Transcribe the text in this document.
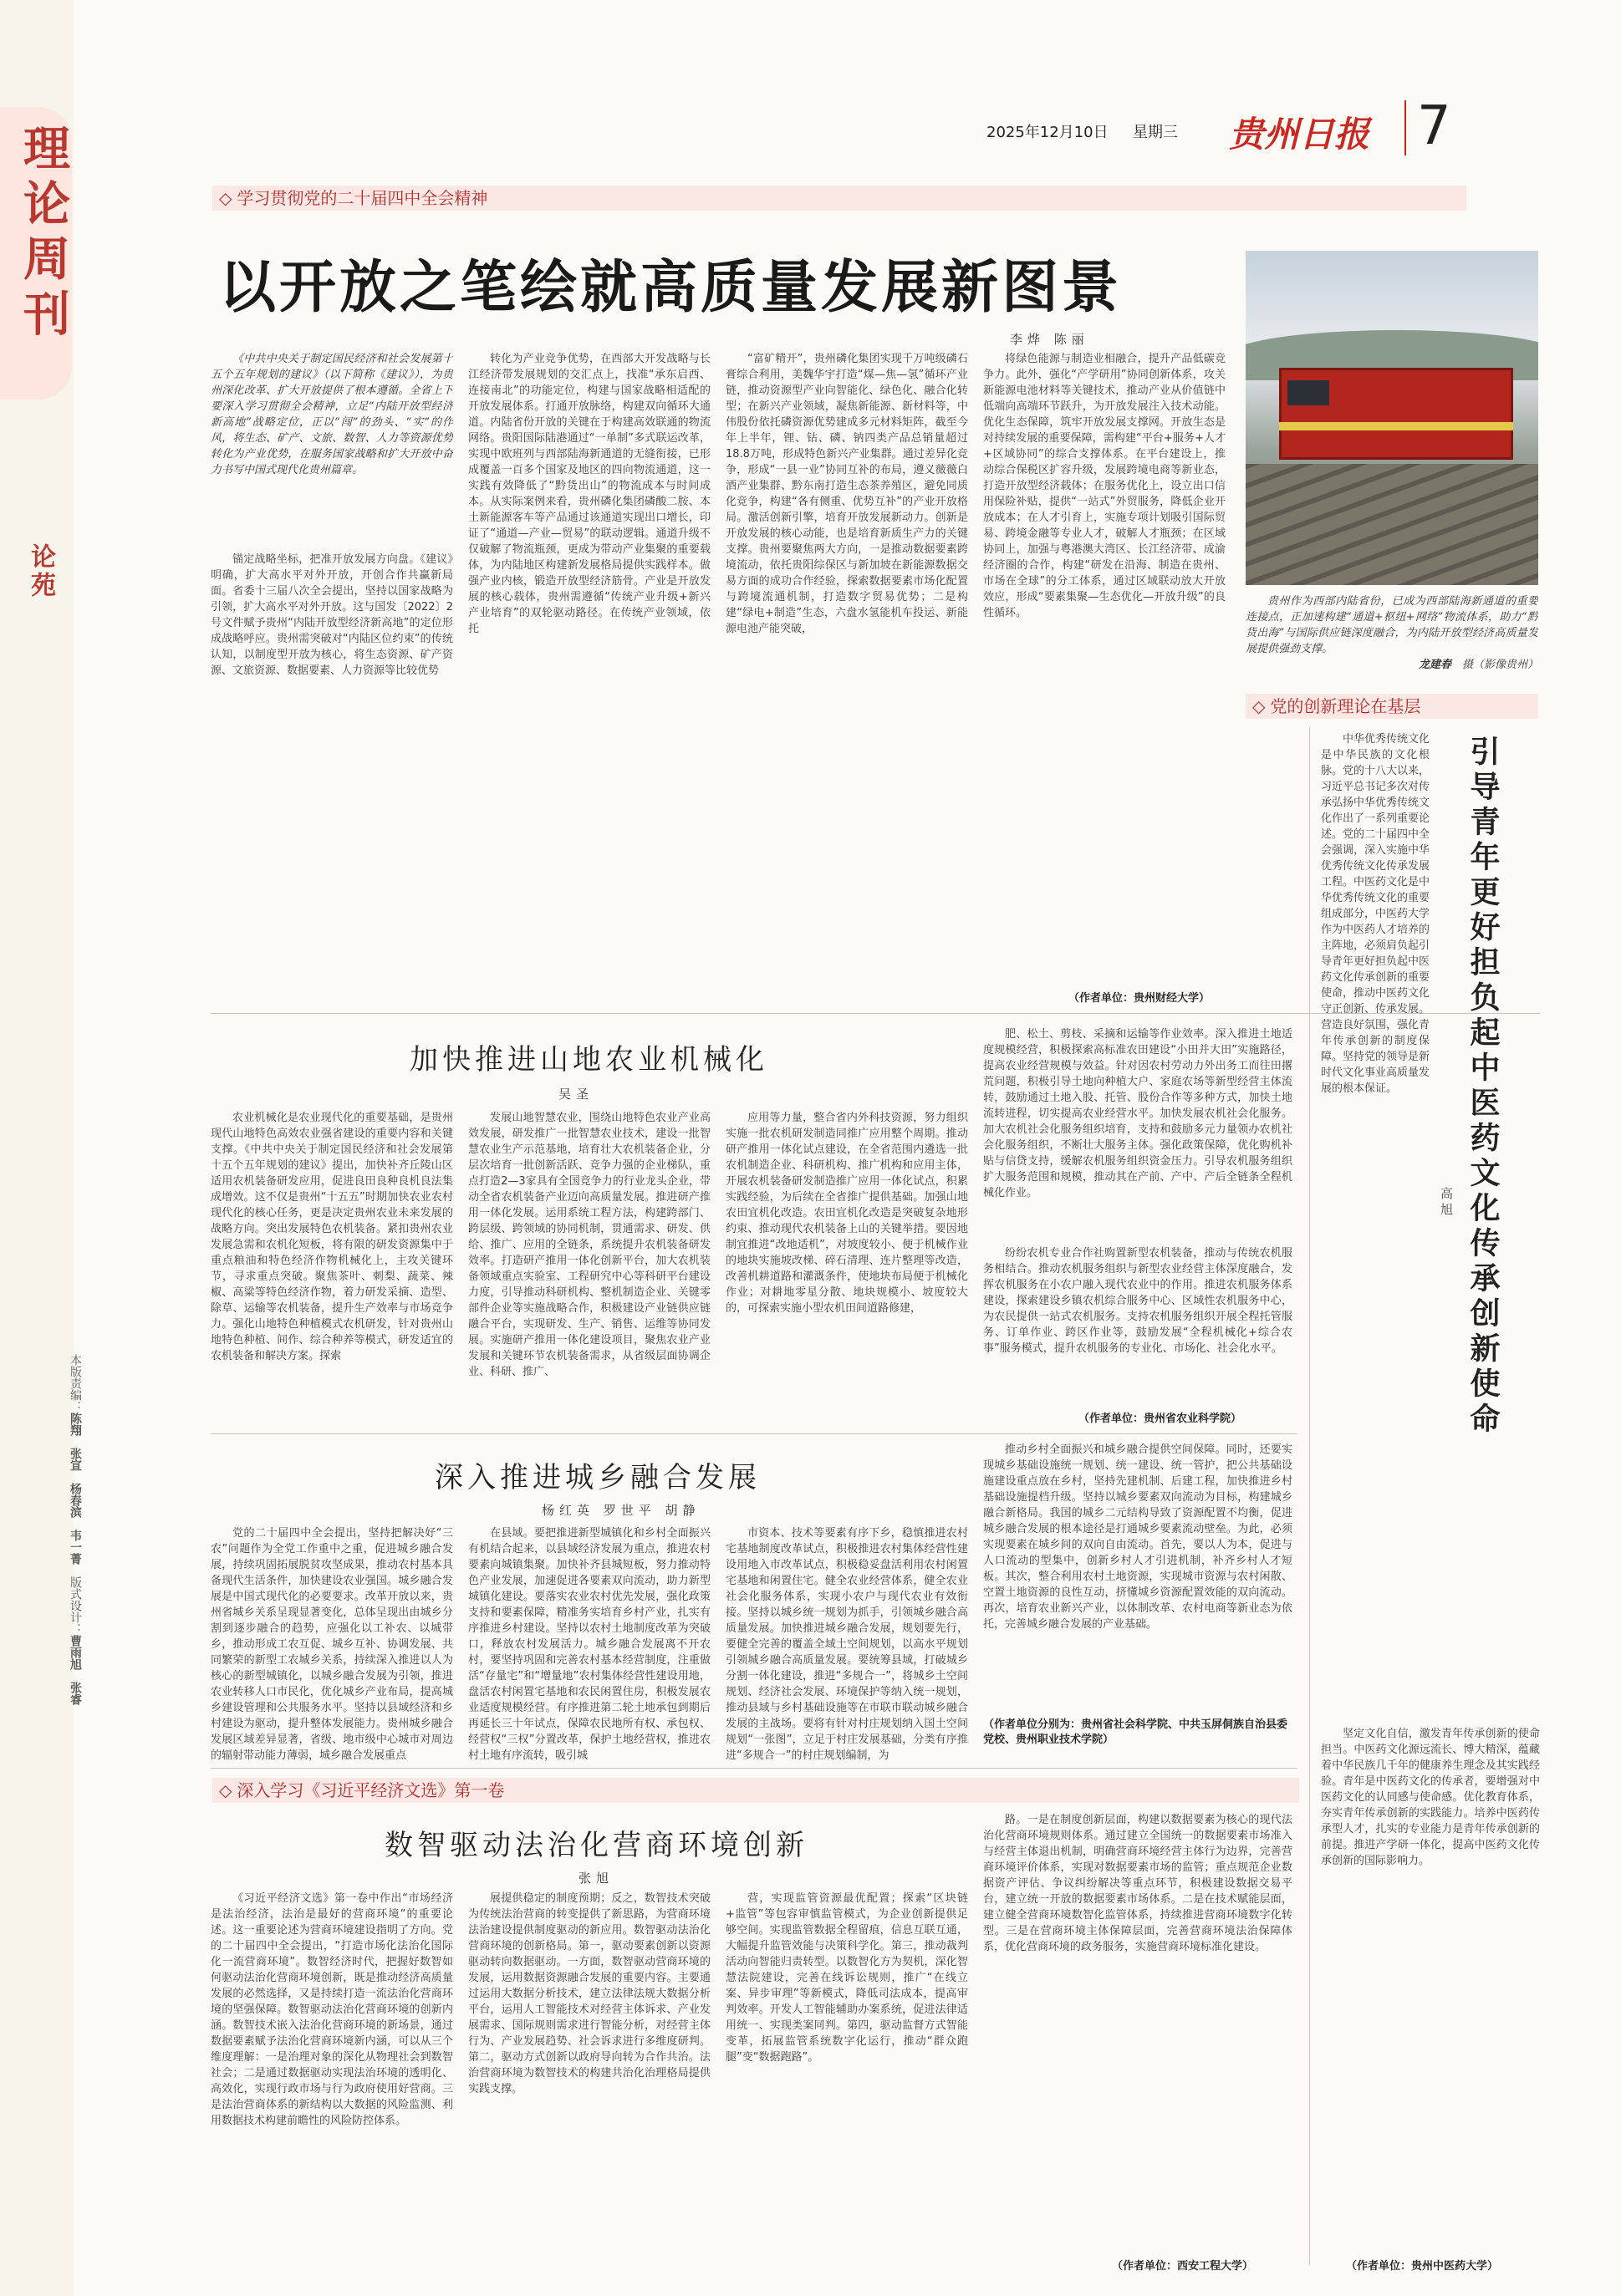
理论周刊
论苑
本版责编：陈翔　张宣　杨春滨　韦一菁　版式设计：曹雨旭　张睿
2025年12月10日 星期三 贵州日报 7
◇ 学习贯彻党的二十届四中全会精神
以开放之笔绘就高质量发展新图景
李烨 陈丽

《中共中央关于制定国民经济和社会发展第十五个五年规划的建议》（以下简称《建议》），为贵州深化改革、扩大开放提供了根本遵循。全省上下要深入学习贯彻全会精神，立足“内陆开放型经济新高地”战略定位，正以“闯”的劲头、“实”的作风，将生态、矿产、文旅、数智、人力等资源优势转化为产业优势，在服务国家战略和扩大开放中奋力书写中国式现代化贵州篇章。

锚定战略坐标，把准开放发展方向盘。《建议》明确，扩大高水平对外开放，开创合作共赢新局面。省委十三届八次全会提出，坚持以国家战略为引领，扩大高水平对外开放。这与国发〔2022〕2号文件赋予贵州“内陆开放型经济新高地”的定位形成战略呼应。贵州需突破对“内陆区位约束”的传统认知，以制度型开放为核心，将生态资源、矿产资源、文旅资源、数据要素、人力资源等比较优势

转化为产业竞争优势，在西部大开发战略与长江经济带发展规划的交汇点上，找准“承东启西、连接南北”的功能定位，构建与国家战略相适配的开放发展体系。打通开放脉络，构建双向循环大通道。内陆省份开放的关键在于构建高效联通的物流网络。贵阳国际陆港通过“一单制”多式联运改革，实现中欧班列与西部陆海新通道的无缝衔接，已形成覆盖一百多个国家及地区的四向物流通道，这一实践有效降低了“黔货出山”的物流成本与时间成本。从实际案例来看，贵州磷化集团磷酸二胺、本土新能源客车等产品通过该通道实现出口增长，印证了“通道—产业—贸易”的联动逻辑。通道升级不仅破解了物流瓶颈，更成为带动产业集聚的重要载体，为内陆地区构建新发展格局提供实践样本。做强产业内核，锻造开放型经济筋骨。产业是开放发展的核心载体，贵州需遵循“传统产业升级+新兴产业培育”的双轮驱动路径。在传统产业领域，依托

“富矿精开”，贵州磷化集团实现千万吨级磷石膏综合利用，美魏华宇打造“煤—焦—氢”循环产业链，推动资源型产业向智能化、绿色化、融合化转型；在新兴产业领域，凝焦新能源、新材料等，中伟股份依托磷资源优势建成多元材料矩阵，截至今年上半年，锂、钴、磷、钠四类产品总销量超过18.8万吨，形成特色新兴产业集群。通过差异化竞争，形成“一县一业”协同互补的布局，遵义薇薇白酒产业集群、黔东南打造生态茶养殖区，避免同质化竞争，构建“各有侧重、优势互补”的产业开放格局。激活创新引擎，培育开放发展新动力。创新是开放发展的核心动能，也是培育新质生产力的关键支撑。贵州要聚焦两大方向，一是推动数据要素跨境流动，依托贵阳综保区与新加坡在新能源数据交易方面的成功合作经验，探索数据要素市场化配置与跨境流通机制，打造数字贸易优势；二是构建“绿电+制造”生态，六盘水氢能机车投运、新能源电池产能突破，

将绿色能源与制造业相融合，提升产品低碳竞争力。此外，强化“产学研用”协同创新体系，攻关新能源电池材料等关键技术，推动产业从价值链中低端向高端环节跃升，为开放发展注入技术动能。优化生态保障，筑牢开放发展支撑网。开放生态是对持续发展的重要保障，需构建“平台+服务+人才+区域协同”的综合支撑体系。在平台建设上，推动综合保税区扩容升级，发展跨境电商等新业态，打造开放型经济载体；在服务优化上，设立出口信用保险补贴，提供“一站式”外贸服务，降低企业开放成本；在人才引育上，实施专项计划吸引国际贸易、跨境金融等专业人才，破解人才瓶颈；在区域协同上，加强与粤港澳大湾区、长江经济带、成渝经济圈的合作，构建“研发在沿海、制造在贵州、市场在全球”的分工体系，通过区域联动放大开放效应，形成“要素集聚—生态优化—开放升级”的良性循环。

（作者单位：贵州财经大学）

贵州作为西部内陆省份，已成为西部陆海新通道的重要连接点，正加速构建“通道+枢纽+网络”物流体系，助力“黔货出海”与国际供应链深度融合，为内陆开放型经济高质量发展提供强劲支撑。

龙建春　 摄（影像贵州）
◇ 党的创新理论在基层
引导青年更好担负起中医药文化传承创新使命
高旭

中华优秀传统文化是中华民族的文化根脉。党的十八大以来，习近平总书记多次对传承弘扬中华优秀传统文化作出了一系列重要论述。党的二十届四中全会强调，深入实施中华优秀传统文化传承发展工程。中医药文化是中华优秀传统文化的重要组成部分，中医药大学作为中医药人才培养的主阵地，必须肩负起引导青年更好担负起中医药文化传承创新的重要使命，推动中医药文化守正创新、传承发展。营造良好氛围，强化青年传承创新的制度保障。坚持党的领导是新时代文化事业高质量发展的根本保证。

坚定文化自信，激发青年传承创新的使命担当。中医药文化源远流长、博大精深，蕴藏着中华民族几千年的健康养生理念及其实践经验。青年是中医药文化的传承者，要增强对中医药文化的认同感与使命感。优化教育体系，夯实青年传承创新的实践能力。培养中医药传承型人才，扎实的专业能力是青年传承创新的前提。推进产学研一体化，提高中医药文化传承创新的国际影响力。

（作者单位：贵州中医药大学）
加快推进山地农业机械化
吴圣

农业机械化是农业现代化的重要基础，是贵州现代山地特色高效农业强省建设的重要内容和关键支撑。《中共中央关于制定国民经济和社会发展第十五个五年规划的建议》提出，加快补齐丘陵山区适用农机装备研发应用，促进良田良种良机良法集成增效。这不仅是贵州“十五五”时期加快农业农村现代化的核心任务，更是决定贵州农业未来发展的战略方向。突出发展特色农机装备。紧扣贵州农业发展急需和农机化短板，将有限的研发资源集中于重点粮油和特色经济作物机械化上，主攻关键环节，寻求重点突破。聚焦茶叶、刺梨、蔬菜、辣椒、高粱等特色经济作物，着力研发采摘、造型、除草、运输等农机装备，提升生产效率与市场竞争力。强化山地特色种植模式农机研发，针对贵州山地特色种植、间作、综合种养等模式，研发适宜的农机装备和解决方案。探索

发展山地智慧农业，围绕山地特色农业产业高效发展，研发推广一批智慧农业技术，建设一批智慧农业生产示范基地，培育壮大农机装备企业，分层次培育一批创新活跃、竞争力强的企业梯队，重点打造2—3家具有全国竞争力的行业龙头企业，带动全省农机装备产业迈向高质量发展。推进研产推用一体化发展。运用系统工程方法，构建跨部门、跨层级、跨领域的协同机制，贯通需求、研发、供给、推广、应用的全链条，系统提升农机装备研发效率。打造研产推用一体化创新平台，加大农机装备领域重点实验室、工程研究中心等科研平台建设力度，引导推动科研机构、整机制造企业、关键零部件企业等实施战略合作，积极建设产业链供应链融合平台，实现研发、生产、销售、运维等协同发展。实施研产推用一体化建设项目，聚焦农业产业发展和关键环节农机装备需求，从省级层面协调企业、科研、推广、

应用等力量，整合省内外科技资源，努力组织实施一批农机研发制造同推广应用整个周期。推动研产推用一体化试点建设，在全省范围内遴选一批农机制造企业、科研机构、推广机构和应用主体，开展农机装备研发制造推广应用一体化试点，积累实践经验，为后续在全省推广提供基础。加强山地农田宜机化改造。农田宜机化改造是突破复杂地形约束、推动现代农机装备上山的关键举措。要因地制宜推进“改地适机”，对坡度较小、便于机械作业的地块实施坡改梯、碎石清理、连片整理等改造，改善机耕道路和灌溉条件，使地块布局便于机械化作业；对耕地零星分散、地块规模小、坡度较大的，可探索实施小型农机田间道路修建，

肥、松土、剪枝、采摘和运输等作业效率。深入推进土地适度规模经营，积极探索高标准农田建设“小田并大田”实施路径，提高农业经营规模与效益。针对因农村劳动力外出务工而往田撂荒问题，积极引导土地向种植大户、家庭农场等新型经营主体流转，鼓励通过土地入股、托管、股份合作等多种方式，加快土地流转进程，切实提高农业经营水平。加快发展农机社会化服务。加大农机社会化服务组织培育，支持和鼓励多元力量领办农机社会化服务组织，不断壮大服务主体。强化政策保障，优化购机补贴与信贷支持，缓解农机服务组织资金压力。引导农机服务组织扩大服务范围和规模，推动其在产前、产中、产后全链条全程机械化作业。

纷纷农机专业合作社购置新型农机装备，推动与传统农机服务相结合。推动农机服务组织与新型农业经营主体深度融合，发挥农机服务在小农户融入现代农业中的作用。推进农机服务体系建设，探索建设乡镇农机综合服务中心、区域性农机服务中心，为农民提供一站式农机服务。支持农机服务组织开展全程托管服务、订单作业、跨区作业等，鼓励发展“全程机械化+综合农事”服务模式，提升农机服务的专业化、市场化、社会化水平。

（作者单位：贵州省农业科学院）
深入推进城乡融合发展
杨红英 罗世平 胡静

党的二十届四中全会提出，坚持把解决好“三农”问题作为全党工作重中之重，促进城乡融合发展，持续巩固拓展脱贫攻坚成果，推动农村基本具备现代生活条件，加快建设农业强国。城乡融合发展是中国式现代化的必要要求。改革开放以来，贵州省城乡关系呈现显著变化，总体呈现出由城乡分割到逐步融合的趋势，应强化以工补农、以城带乡，推动形成工农互促、城乡互补、协调发展、共同繁荣的新型工农城乡关系，持续深入推进以人为核心的新型城镇化，以城乡融合发展为引领，推进农业转移人口市民化，优化城乡产业布局，提高城乡建设管理和公共服务水平。坚持以县域经济和乡村建设为驱动，提升整体发展能力。贵州城乡融合发展区域差异显著，省级、地市级中心城市对周边的辐射带动能力薄弱，城乡融合发展重点

在县域。要把推进新型城镇化和乡村全面振兴有机结合起来，以县域经济发展为重点，推进农村要素向城镇集聚。加快补齐县城短板，努力推动特色产业发展，加速促进各要素双向流动，助力新型城镇化建设。要落实农业农村优先发展，强化政策支持和要素保障，精准务实培育乡村产业，扎实有序推进乡村建设。坚持以农村土地制度改革为突破口，释放农村发展活力。城乡融合发展离不开农村，要坚持巩固和完善农村基本经营制度，注重做活“存量宅”和“增量地”农村集体经营性建设用地，盘活农村闲置宅基地和农民闲置住房，积极发展农业适度规模经营。有序推进第二轮土地承包到期后再延长三十年试点，保障农民地所有权、承包权、经营权“三权”分置改革，保护土地经营权，推进农村土地有序流转，吸引城

市资本、技术等要素有序下乡，稳慎推进农村宅基地制度改革试点，积极推进农村集体经营性建设用地入市改革试点，积极稳妥盘活利用农村闲置宅基地和闲置住宅。健全农业经营体系，健全农业社会化服务体系，实现小农户与现代农业有效衔接。坚持以城乡统一规划为抓手，引领城乡融合高质量发展。加快推进城乡融合发展，规划要先行，要健全完善的覆盖全域土空间规划，以高水平规划引领城乡融合高质量发展。要统筹县域，打破城乡分割一体化建设，推进“多规合一”，将城乡土空间规划、经济社会发展、环境保护等纳入统一规划，推动县域与乡村基础设施等在市联市联动城乡融合发展的主战场。要将有针对村庄规划纳入国土空间规划“一张图”，立足于村庄发展基础，分类有序推进“多规合一”的村庄规划编制，为

推动乡村全面振兴和城乡融合提供空间保障。同时，还要实现城乡基础设施统一规划、统一建设、统一管护，把公共基础设施建设重点放在乡村，坚持先建机制、后建工程，加快推进乡村基础设施提档升级。坚持以城乡要素双向流动为目标，构建城乡融合新格局。我国的城乡二元结构导致了资源配置不均衡，促进城乡融合发展的根本途径是打通城乡要素流动壁垒。为此，必须实现要素在城乡间的双向自由流动。首先，要以人为本，促进与人口流动的型集中，创新乡村人才引进机制，补齐乡村人才短板。其次，整合利用农村土地资源，实现城市资源与农村闲散、空置土地资源的良性互动，挤懂城乡资源配置效能的双向流动。再次，培育农业新兴产业，以体制改革、农村电商等新业态为依托，完善城乡融合发展的产业基础。

（作者单位分别为：贵州省社会科学院、中共玉屏侗族自治县委党校、贵州职业技术学院）
◇ 深入学习《习近平经济文选》第一卷
数智驱动法治化营商环境创新
张旭

《习近平经济文选》第一卷中作出“市场经济是法治经济，法治是最好的营商环境”的重要论述。这一重要论述为营商环境建设指明了方向。党的二十届四中全会提出，“打造市场化法治化国际化一流营商环境”。数智经济时代，把握好数智如何驱动法治化营商环境创新，既是推动经济高质量发展的必然选择，又是持续打造一流法治化营商环境的坚强保障。数智驱动法治化营商环境的创新内涵。数智技术嵌入法治化营商环境的新场景，通过数据要素赋予法治化营商环境新内涵，可以从三个维度理解：一是治理对象的深化从物理社会到数智社会；二是通过数据驱动实现法治环境的透明化、高效化，实现行政市场与行为政府使用好营商。三是法治营商体系的新结构以大数据的风险监测、利用数据技术构建前瞻性的风险防控体系。

展提供稳定的制度预期；反之，数智技术突破为传统法治营商的转变提供了新思路，为营商环境法治建设提供制度驱动的新应用。数智驱动法治化营商环境的创新格局。第一，驱动要素创新以资源驱动转向数据驱动。一方面，数智驱动营商环境的发展，运用数据资源融合发展的重要内容。主要通过运用大数据分析技术，建立法律法规大数据分析平台，运用人工智能技术对经营主体诉求、产业发展需求、国际规则需求进行智能分析，对经营主体行为、产业发展趋势、社会诉求进行多维度研判。第二，驱动方式创新以政府导向转为合作共治。法治营商环境为数智技术的构建共治化治理格局提供实践支撑。

营，实现监管资源最优配置；探索“区块链+监管”等包容审慎监管模式，为企业创新提供足够空间。实现监管数据全程留痕，信息互联互通，大幅提升监管效能与决策科学化。第三，推动裁判活动向智能归责转型。以数智化方为契机，深化智慧法院建设，完善在线诉讼规则，推广“在线立案、异步审理”等新模式，降低司法成本，提高审判效率。开发人工智能辅助办案系统，促进法律适用统一、实现类案同判。第四，驱动监督方式智能变革，拓展监管系统数字化运行，推动“群众跑腿”变“数据跑路”。

路。一是在制度创新层面，构建以数据要素为核心的现代法治化营商环境规则体系。通过建立全国统一的数据要素市场准入与经营主体退出机制，明确营商环境经营主体行为边界，完善营商环境评价体系，实现对数据要素市场的监管；重点规范企业数据资产评估、争议纠纷解决等重点环节，积极建设数据交易平台，建立统一开放的数据要素市场体系。二是在技术赋能层面，建立健全营商环境数智化监管体系，持续推进营商环境数字化转型。三是在营商环境主体保障层面，完善营商环境法治保障体系，优化营商环境的政务服务，实施营商环境标准化建设。

（作者单位：西安工程大学）
